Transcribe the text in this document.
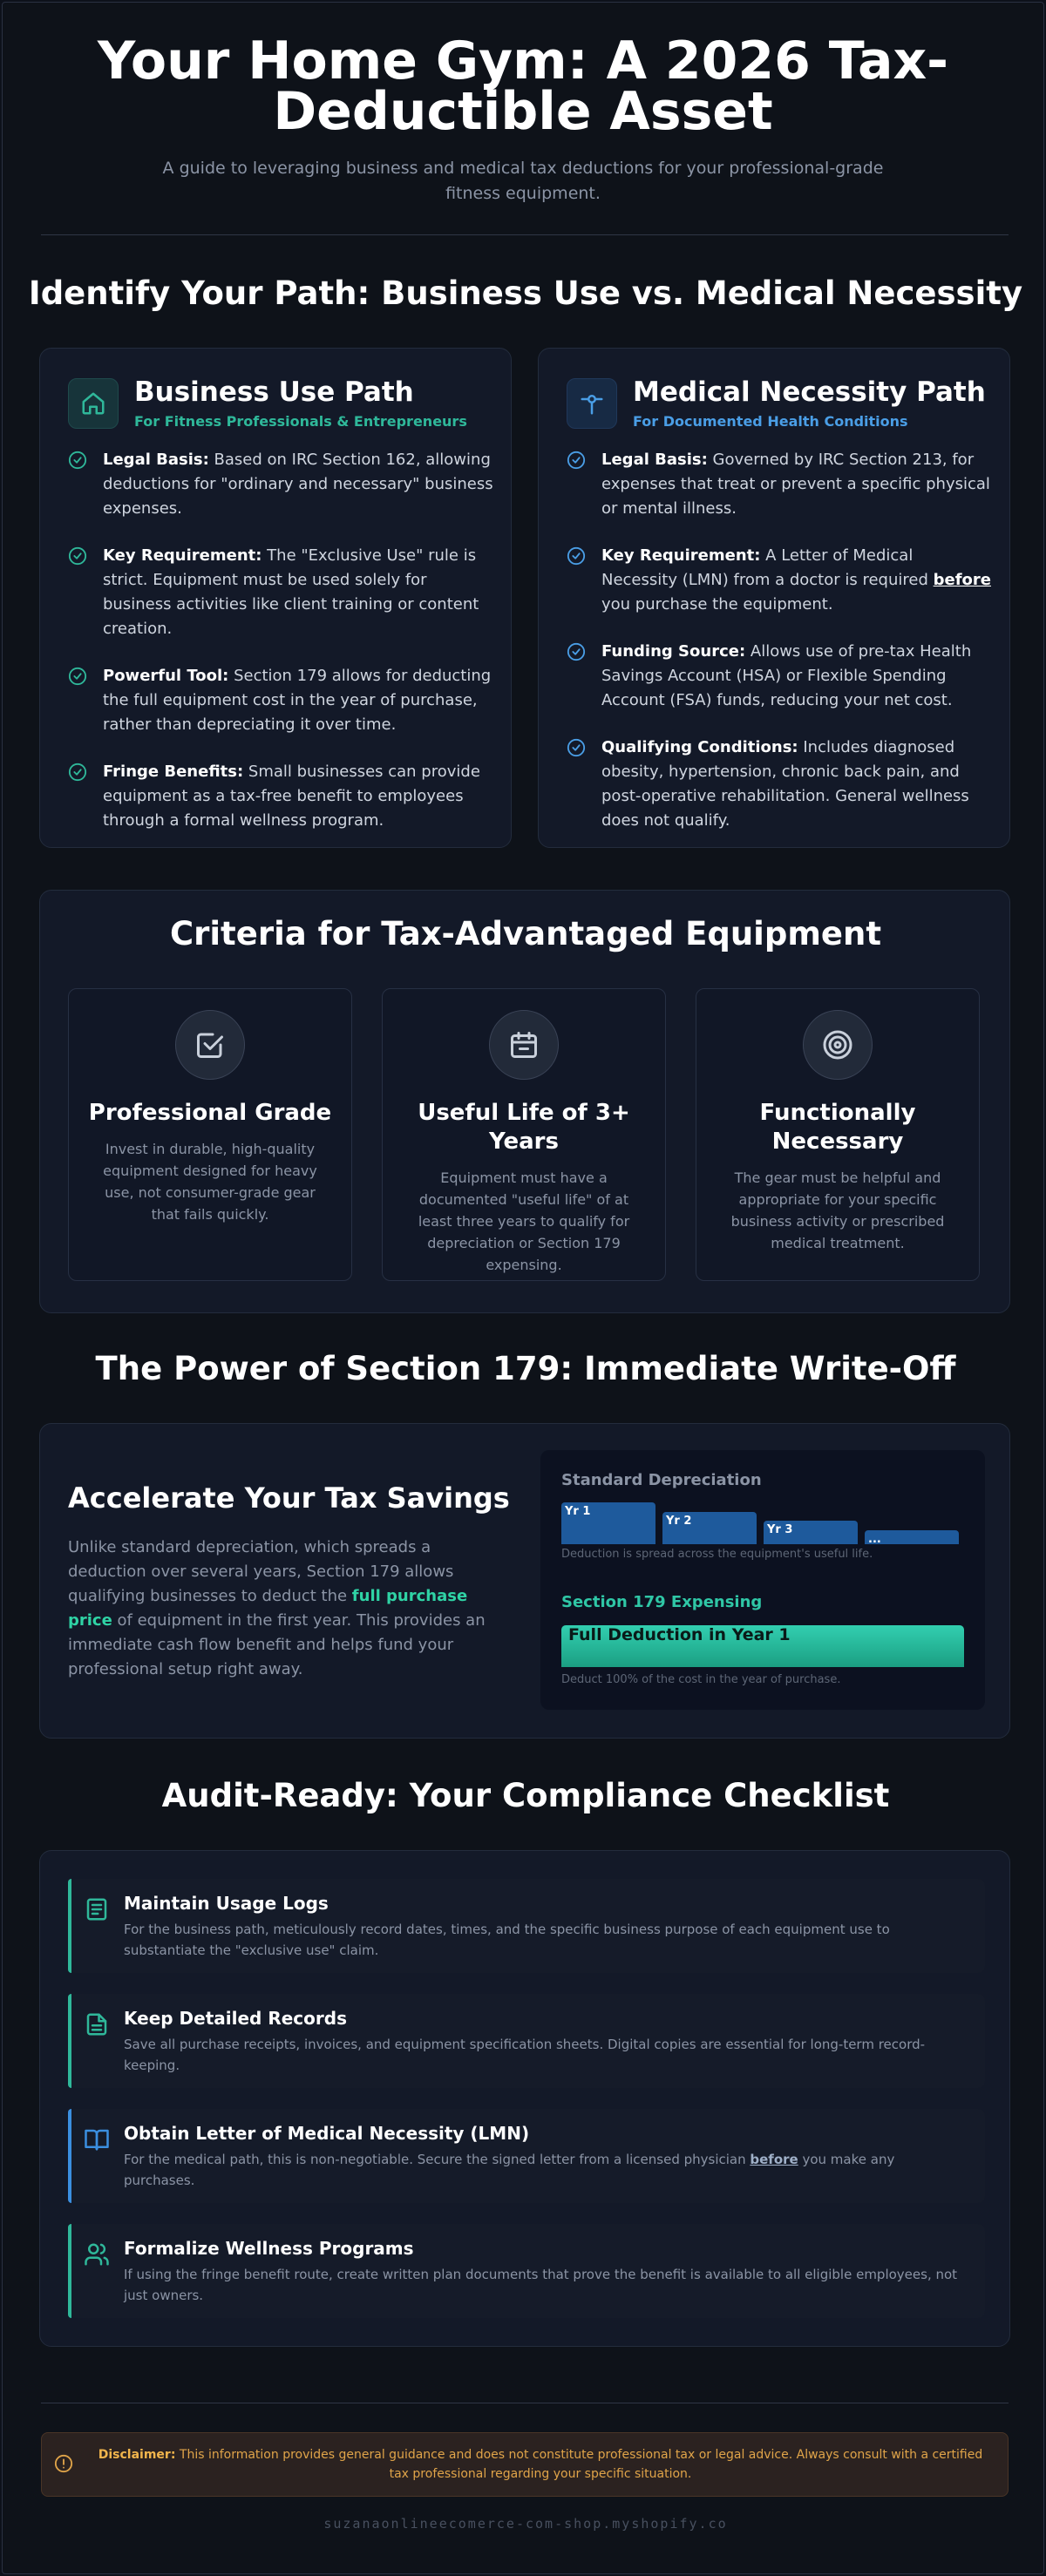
Your Home Gym: A 2026 Tax-Deductible Asset

A guide to leveraging business and medical tax deductions for your professional-grade fitness equipment.

Identify Your Path: Business Use vs. Medical Necessity
Business Use Path
For Fitness Professionals & Entrepreneurs
Legal Basis: Based on IRC Section 162, allowing deductions for "ordinary and necessary" business expenses.
Key Requirement: The "Exclusive Use" rule is strict. Equipment must be used solely for business activities like client training or content creation.
Powerful Tool: Section 179 allows for deducting the full equipment cost in the year of purchase, rather than depreciating it over time.
Fringe Benefits: Small businesses can provide equipment as a tax-free benefit to employees through a formal wellness program.
Medical Necessity Path
For Documented Health Conditions
Legal Basis: Governed by IRC Section 213, for expenses that treat or prevent a specific physical or mental illness.
Key Requirement: A Letter of Medical Necessity (LMN) from a doctor is required before you purchase the equipment.
Funding Source: Allows use of pre-tax Health Savings Account (HSA) or Flexible Spending Account (FSA) funds, reducing your net cost.
Qualifying Conditions: Includes diagnosed obesity, hypertension, chronic back pain, and post-operative rehabilitation. General wellness does not qualify.
Criteria for Tax-Advantaged Equipment
Professional Grade

Invest in durable, high-quality equipment designed for heavy use, not consumer-grade gear that fails quickly.

Useful Life of 3+ Years

Equipment must have a documented "useful life" of at least three years to qualify for depreciation or Section 179 expensing.

Functionally Necessary

The gear must be helpful and appropriate for your specific business activity or prescribed medical treatment.

The Power of Section 179: Immediate Write-Off
Accelerate Your Tax Savings
Unlike standard depreciation, which spreads a deduction over several years, Section 179 allows qualifying businesses to deduct the full purchase price of equipment in the first year. This provides an immediate cash flow benefit and helps fund your professional setup right away.
Standard Depreciation
Yr 1
Yr 2
Yr 3
...
Deduction is spread across the equipment's useful life.
Section 179 Expensing
Full Deduction in Year 1
Deduct 100% of the cost in the year of purchase.
Audit-Ready: Your Compliance Checklist
Maintain Usage Logs
For the business path, meticulously record dates, times, and the specific business purpose of each equipment use to substantiate the "exclusive use" claim.
Keep Detailed Records
Save all purchase receipts, invoices, and equipment specification sheets. Digital copies are essential for long-term record-keeping.
Obtain Letter of Medical Necessity (LMN)
For the medical path, this is non-negotiable. Secure the signed letter from a licensed physician before you make any purchases.
Formalize Wellness Programs
If using the fringe benefit route, create written plan documents that prove the benefit is available to all eligible employees, not just owners.
Disclaimer: This information provides general guidance and does not constitute professional tax or legal advice. Always consult with a certified tax professional regarding your specific situation.
suzanaonlineecomerce-com-shop.myshopify.co
